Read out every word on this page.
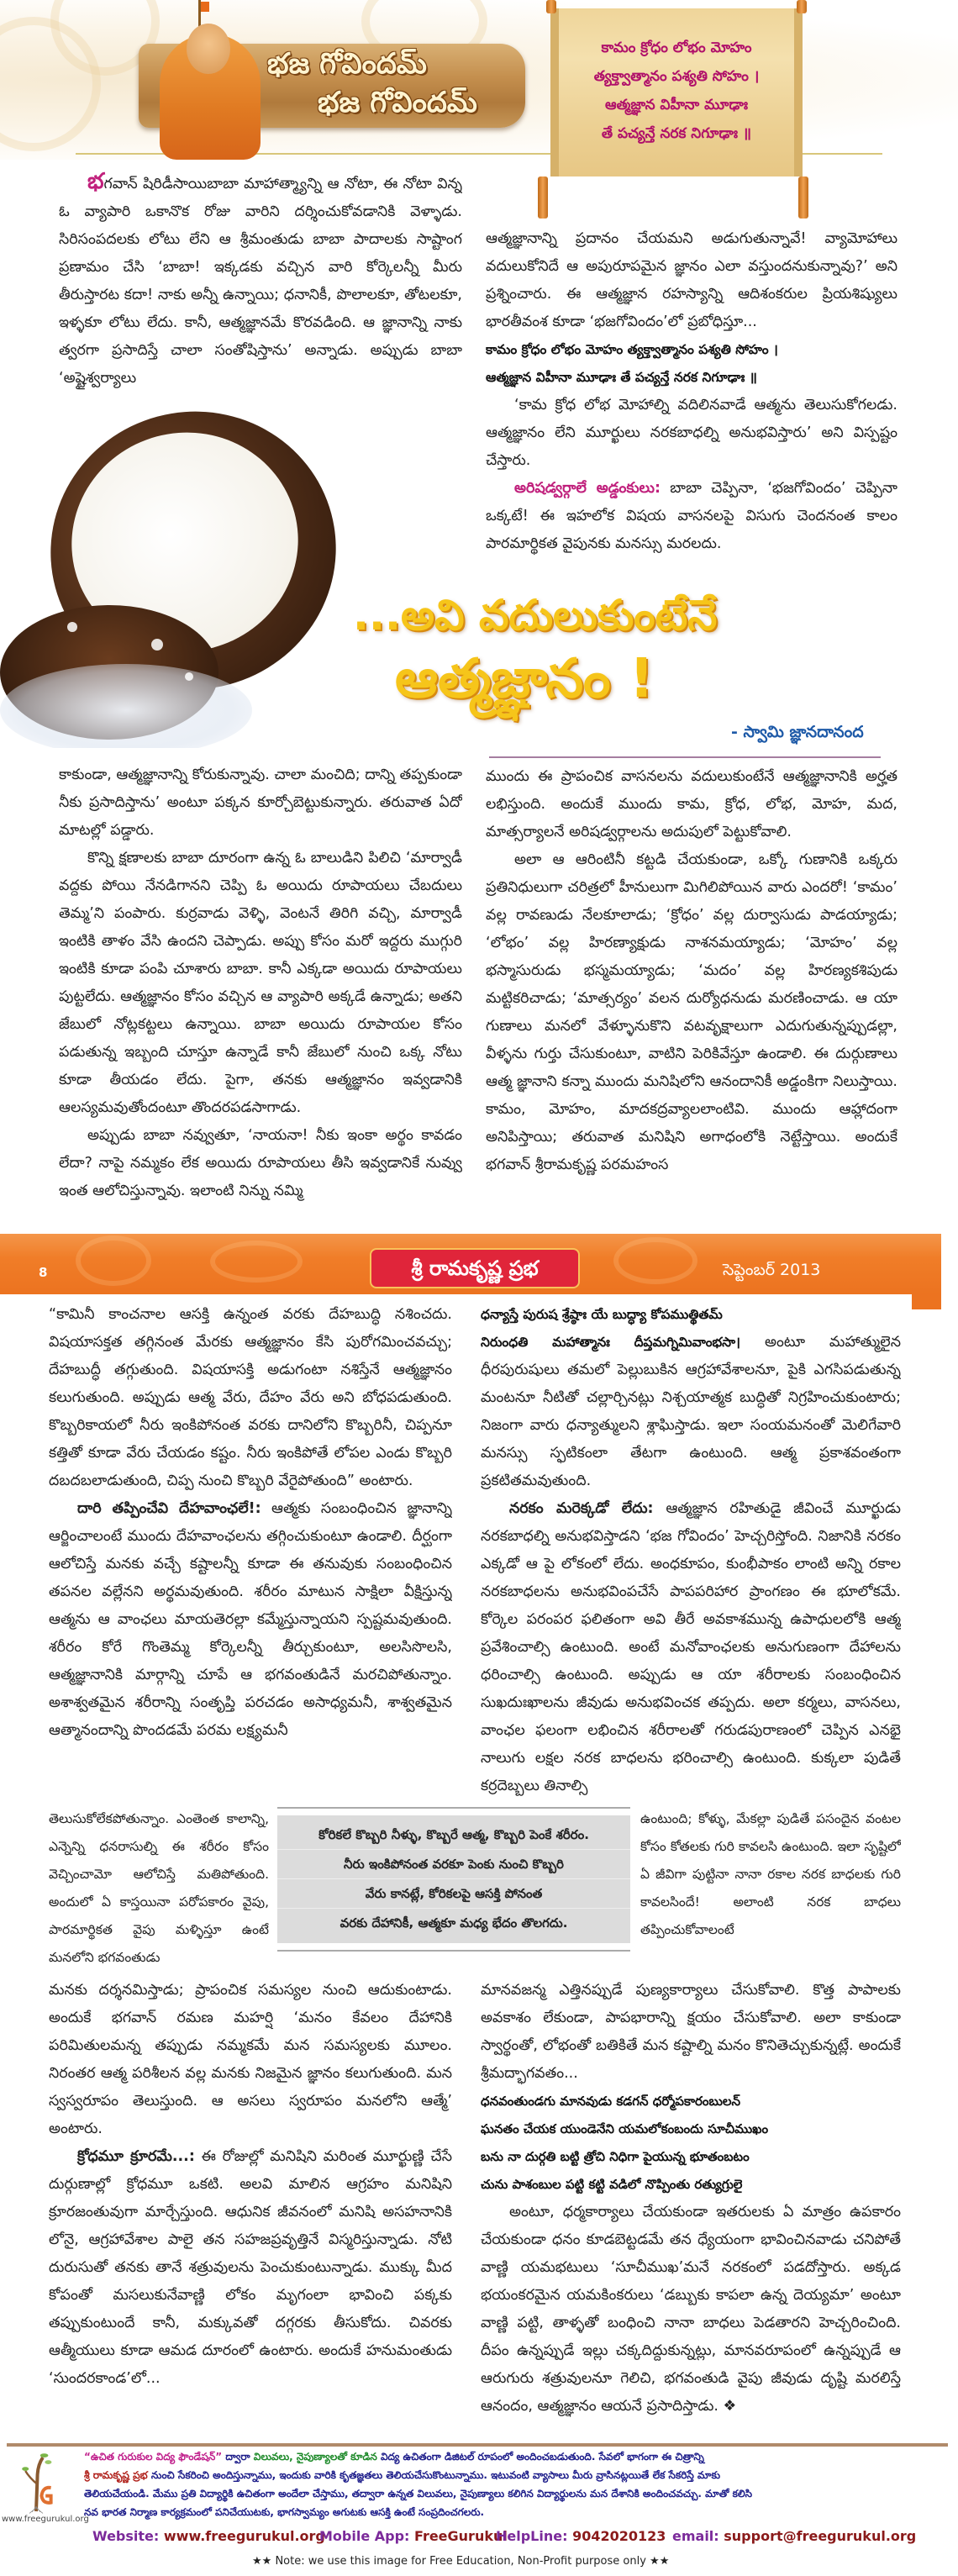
భజ గోవిందమ్
భజ గోవిందమ్
కామం క్రోధం లోభం మోహం
త్యక్త్వాత్మానం పశ్యతి సోహం ।
ఆత్మజ్ఞాన విహీనా మూఢాః
తే పచ్యన్తే నరక నిగూఢాః ॥

భగవాన్ షిరిడీసాయిబాబా మాహాత్మ్యాన్ని ఆ నోటా, ఈ నోటా విన్న ఓ వ్యాపారి ఒకానొక రోజు వారిని దర్శించుకోవడానికి వెళ్ళాడు. సిరిసంపదలకు లోటు లేని ఆ శ్రీమంతుడు బాబా పాదాలకు సాష్టాంగ ప్రణామం చేసి ‘బాబా! ఇక్కడకు వచ్చిన వారి కోర్కెలన్నీ మీరు తీరుస్తారట కదా! నాకు అన్నీ ఉన్నాయి; ధనానికీ, పొలాలకూ, తోటలకూ, ఇళ్ళకూ లోటు లేదు. కానీ, ఆత్మజ్ఞానమే కొరవడింది. ఆ జ్ఞానాన్ని నాకు త్వరగా ప్రసాదిస్తే చాలా సంతోషిస్తాను’ అన్నాడు. అప్పుడు బాబా ‘అష్టైశ్వర్యాలు

ఆత్మజ్ఞానాన్ని ప్రదానం చేయమని అడుగుతున్నావే! వ్యామోహాలు వదులుకోనిదే ఆ అపురూపమైన జ్ఞానం ఎలా వస్తుందనుకున్నావు?’ అని ప్రశ్నించారు. ఈ ఆత్మజ్ఞాన రహస్యాన్ని ఆదిశంకరుల ప్రియశిష్యులు భారతీవంశ కూడా ‘భజగోవిందం’లో ప్రబోధిస్తూ...

కామం క్రోధం లోభం మోహం త్యక్త్వాత్మానం పశ్యతి సోహం ।
ఆత్మజ్ఞాన విహీనా మూఢాః తే పచ్యన్తే నరక నిగూఢాః ॥

‘కామ క్రోధ లోభ మోహాల్ని వదిలినవాడే ఆత్మను తెలుసుకోగలడు. ఆత్మజ్ఞానం లేని మూర్ఖులు నరకబాధల్ని అనుభవిస్తారు’ అని విస్పష్టం చేస్తారు.

అరిషడ్వర్గాలే అడ్డంకులు: బాబా చెప్పినా, ‘భజగోవిందం’ చెప్పినా ఒక్కటే! ఈ ఇహలోక విషయ వాసనలపై విసుగు చెందనంత కాలం పారమార్థికత వైపునకు మనస్సు మరలదు.

...అవి వదులుకుంటేనే
ఆత్మజ్ఞానం !
- స్వామి జ్ఞానదానంద

కాకుండా, ఆత్మజ్ఞానాన్ని కోరుకున్నావు. చాలా మంచిది; దాన్ని తప్పకుండా నీకు ప్రసాదిస్తాను’ అంటూ పక్కన కూర్చోబెట్టుకున్నారు. తరువాత ఏదో మాటల్లో పడ్డారు.

కొన్ని క్షణాలకు బాబా దూరంగా ఉన్న ఓ బాలుడిని పిలిచి ‘మార్వాడీ వద్దకు పోయి నేనడిగానని చెప్పి ఓ అయిదు రూపాయలు చేబదులు తెమ్మ’ని పంపారు. కుర్రవాడు వెళ్ళి, వెంటనే తిరిగి వచ్చి, మార్వాడీ ఇంటికి తాళం వేసి ఉందని చెప్పాడు. అప్పు కోసం మరో ఇద్దరు ముగ్గురి ఇంటికి కూడా పంపి చూశారు బాబా. కానీ ఎక్కడా అయిదు రూపాయలు పుట్టలేదు. ఆత్మజ్ఞానం కోసం వచ్చిన ఆ వ్యాపారి అక్కడే ఉన్నాడు; అతని జేబులో నోట్లకట్టలు ఉన్నాయి. బాబా అయిదు రూపాయల కోసం పడుతున్న ఇబ్బంది చూస్తూ ఉన్నాడే కానీ జేబులో నుంచి ఒక్క నోటు కూడా తీయడం లేదు. పైగా, తనకు ఆత్మజ్ఞానం ఇవ్వడానికి ఆలస్యమవుతోందంటూ తొందరపడసాగాడు.

అప్పుడు బాబా నవ్వుతూ, ‘నాయనా! నీకు ఇంకా అర్థం కావడం లేదా? నాపై నమ్మకం లేక అయిదు రూపాయలు తీసి ఇవ్వడానికే నువ్వు ఇంత ఆలోచిస్తున్నావు. ఇలాంటి నిన్ను నమ్మి

ముందు ఈ ప్రాపంచిక వాసనలను వదులుకుంటేనే ఆత్మజ్ఞానానికి అర్హత లభిస్తుంది. అందుకే ముందు కామ, క్రోధ, లోభ, మోహ, మద, మాత్సర్యాలనే అరిషడ్వర్గాలను అదుపులో పెట్టుకోవాలి.

అలా ఆ ఆరింటినీ కట్టడి చేయకుండా, ఒక్కో గుణానికి ఒక్కరు ప్రతినిధులుగా చరిత్రలో హీనులుగా మిగిలిపోయిన వారు ఎందరో! ‘కామం’ వల్ల రావణుడు నేలకూలాడు; ‘క్రోధం’ వల్ల దుర్వాసుడు పాడయ్యాడు; ‘లోభం’ వల్ల హిరణ్యాక్షుడు నాశనమయ్యాడు; ‘మోహం’ వల్ల భస్మాసురుడు భస్మమయ్యాడు; ‘మదం’ వల్ల హిరణ్యకశిపుడు మట్టికరిచాడు; ‘మాత్సర్యం’ వలన దుర్యోధనుడు మరణించాడు. ఆ యా గుణాలు మనలో వేళ్ళూనుకొని వటవృక్షాలుగా ఎదుగుతున్నప్పుడల్లా, వీళ్ళను గుర్తు చేసుకుంటూ, వాటిని పెరికివేస్తూ ఉండాలి. ఈ దుర్గుణాలు ఆత్మ జ్ఞానాని కన్నా ముందు మనిషిలోని ఆనందానికీ అడ్డంకిగా నిలుస్తాయి. కామం, మోహం, మాదకద్రవ్యాలలాంటివి. ముందు ఆహ్లాదంగా అనిపిస్తాయి; తరువాత మనిషిని అగాధంలోకి నెట్టేస్తాయి. అందుకే భగవాన్ శ్రీరామకృష్ణ పరమహంస

8	శ్రీ రామకృష్ణ ప్రభ	సెప్టెంబర్ 2013

“కామినీ కాంచనాల ఆసక్తి ఉన్నంత వరకు దేహబుద్ధి నశించదు. విషయాసక్తత తగ్గినంత మేరకు ఆత్మజ్ఞానం కేసి పురోగమించవచ్చు; దేహబుద్ధీ తగ్గుతుంది. విషయాసక్తి అడుగంటా నశిస్తేనే ఆత్మజ్ఞానం కలుగుతుంది. అప్పుడు ఆత్మ వేరు, దేహం వేరు అని బోధపడుతుంది. కొబ్బరికాయలో నీరు ఇంకిపోనంత వరకు దానిలోని కొబ్బరినీ, చిప్పనూ కత్తితో కూడా వేరు చేయడం కష్టం. నీరు ఇంకిపోతే లోపల ఎండు కొబ్బరి దబదబలాడుతుంది, చిప్ప నుంచి కొబ్బరి వేరైపోతుంది” అంటారు.

దారి తప్పించేవి దేహవాంఛలే!: ఆత్మకు సంబంధించిన జ్ఞానాన్ని ఆర్జించాలంటే ముందు దేహవాంఛలను తగ్గించుకుంటూ ఉండాలి. దీర్ఘంగా ఆలోచిస్తే మనకు వచ్చే కష్టాలన్నీ కూడా ఈ తనువుకు సంబంధించిన తపనల వల్లేనని అర్థమవుతుంది. శరీరం మాటున సాక్షిలా వీక్షిస్తున్న ఆత్మను ఆ వాంఛలు మాయతెరల్లా కమ్మేస్తున్నాయని స్పష్టమవుతుంది. శరీరం కోరే గొంతెమ్మ కోర్కెలన్నీ తీర్చుకుంటూ, అలసిసొలసి, ఆత్మజ్ఞానానికి మార్గాన్ని చూపే ఆ భగవంతుడినే మరచిపోతున్నాం. అశాశ్వతమైన శరీరాన్ని సంతృప్తి పరచడం అసాధ్యమనీ, శాశ్వతమైన ఆత్మానందాన్ని పొందడమే పరమ లక్ష్యమనీ

తెలుసుకోలేకపోతున్నాం. ఎంతెంత కాలాన్ని, ఎన్నెన్ని ధనరాసుల్ని ఈ శరీరం కోసం వెచ్చించామో ఆలోచిస్తే మతిపోతుంది. అందులో ఏ కాస్తయినా పరోపకారం వైపు, పారమార్థికత వైపు మళ్ళిస్తూ ఉంటే మనలోని భగవంతుడు

మనకు దర్శనమిస్తాడు; ప్రాపంచిక సమస్యల నుంచి ఆదుకుంటాడు. అందుకే భగవాన్ రమణ మహర్షి ‘మనం కేవలం దేహానికి పరిమితులమన్న తప్పుడు నమ్మకమే మన సమస్యలకు మూలం. నిరంతర ఆత్మ పరిశీలన వల్ల మనకు నిజమైన జ్ఞానం కలుగుతుంది. మన స్వస్వరూపం తెలుస్తుంది. ఆ అసలు స్వరూపం మనలోని ఆత్మే’ అంటారు.

క్రోధమూ క్రూరమే...: ఈ రోజుల్లో మనిషిని మరింత మూర్ఖుణ్ణి చేసే దుర్గుణాల్లో క్రోధమూ ఒకటి. అలవి మాలిన ఆగ్రహం మనిషిని క్రూరజంతువుగా మార్చేస్తుంది. ఆధునిక జీవనంలో మనిషి అసహనానికి లోనై, ఆగ్రహావేశాల పాలై తన సహజప్రవృత్తినే విస్మరిస్తున్నాడు. నోటి దురుసుతో తనకు తానే శత్రువులను పెంచుకుంటున్నాడు. ముక్కు మీద కోపంతో మసలుకునేవాణ్ణి లోకం మృగంలా భావించి పక్కకు తప్పుకుంటుందే కానీ, మక్కువతో దగ్గరకు తీసుకోదు. చివరకు ఆత్మీయులు కూడా ఆమడ దూరంలో ఉంటారు. అందుకే హనుమంతుడు ‘సుందరకాండ’లో...

కోరికలే కొబ్బరి నీళ్ళు, కొబ్బరే ఆత్మ, కొబ్బరి పెంకే శరీరం.
నీరు ఇంకిపోనంత వరకూ పెంకు నుంచి కొబ్బరి
వేరు కానట్లే, కోరికలపై ఆసక్తి పోనంత
వరకు దేహానికీ, ఆత్మకూ మధ్య భేదం తొలగదు.
ధన్యాస్తే పురుష శ్రేష్ఠాః యే బుద్ధ్యా కోపముత్థితమ్

నిరుంధతి మహాత్మానః దీప్తమగ్నిమివాంభసా। అంటూ మహాత్ములైన ధీరపురుషులు తమలో పెల్లుబుకిన ఆగ్రహావేశాలనూ, పైకి ఎగసిపడుతున్న మంటనూ నీటితో చల్లార్చినట్లు నిశ్చయాత్మక బుద్ధితో నిగ్రహించుకుంటారు; నిజంగా వారు ధన్యాత్ములని శ్లాఘిస్తాడు. ఇలా సంయమనంతో మెలిగేవారి మనస్సు స్ఫటికంలా తేటగా ఉంటుంది. ఆత్మ ప్రకాశవంతంగా ప్రకటితమవుతుంది.

నరకం మరెక్కడో లేదు: ఆత్మజ్ఞాన రహితుడై జీవించే మూర్ఖుడు నరకబాధల్ని అనుభవిస్తాడని ‘భజ గోవిందం’ హెచ్చరిస్తోంది. నిజానికి నరకం ఎక్కడో ఆ పై లోకంలో లేదు. అంధకూపం, కుంభీపాకం లాంటి అన్ని రకాల నరకబాధలను అనుభవింపచేసే పాపపరిహార ప్రాంగణం ఈ భూలోకమే. కోర్కెల పరంపర ఫలితంగా అవి తీరే అవకాశమున్న ఉపాధులలోకి ఆత్మ ప్రవేశించాల్సి ఉంటుంది. అంటే మనోవాంఛలకు అనుగుణంగా దేహాలను ధరించాల్సి ఉంటుంది. అప్పుడు ఆ యా శరీరాలకు సంబంధించిన సుఖదుఃఖాలను జీవుడు అనుభవించక తప్పదు. అలా కర్మలు, వాసనలు, వాంఛల ఫలంగా లభించిన శరీరాలతో గరుడపురాణంలో చెప్పిన ఎనభై నాలుగు లక్షల నరక బాధలను భరించాల్సి ఉంటుంది. కుక్కలా పుడితే కర్రదెబ్బలు తినాల్సి

ఉంటుంది; కోళ్ళు, మేకల్లా పుడితే పసందైన వంటల కోసం కోతలకు గురి కావలసి ఉంటుంది. ఇలా సృష్టిలో ఏ జీవిగా పుట్టినా నానా రకాల నరక బాధలకు గురి కావలసిందే! అలాంటి నరక బాధలు తప్పించుకోవాలంటే

మానవజన్మ ఎత్తినప్పుడే పుణ్యకార్యాలు చేసుకోవాలి. కొత్త పాపాలకు అవకాశం లేకుండా, పాపభారాన్ని క్షయం చేసుకోవాలి. అలా కాకుండా స్వార్థంతో, లోభంతో బతికితే మన కష్టాల్ని మనం కొనితెచ్చుకున్నట్లే. అందుకే శ్రీమద్భాగవతం...

ధనవంతుండగు మానవుడు కడగన్ ధర్మోపకారంబులన్
ఘనతం చేయక యుండెనేని యమలోకంబందు సూచీముఖం
బను నా దుర్గతి బట్టి త్రోచి నిధిగా పైయున్న భూతంబటం
చును పాశంబుల పట్టి కట్టి వడిలో నొప్పింతు రత్యుగ్రులై

అంటూ, ధర్మకార్యాలు చేయకుండా ఇతరులకు ఏ మాత్రం ఉపకారం చేయకుండా ధనం కూడబెట్టడమే తన ధ్యేయంగా భావించినవాడు చనిపోతే వాణ్ణి యమభటులు ‘సూచీముఖ’మనే నరకంలో పడదోస్తారు. అక్కడ భయంకరమైన యమకింకరులు ‘డబ్బుకు కాపలా ఉన్న దెయ్యమా’ అంటూ వాణ్ణి పట్టి, తాళ్ళతో బంధించి నానా బాధలు పెడతారని హెచ్చరించింది. దీపం ఉన్నప్పుడే ఇల్లు చక్కదిద్దుకున్నట్లు, మానవరూపంలో ఉన్నప్పుడే ఆ ఆరుగురు శత్రువులనూ గెలిచి, భగవంతుడి వైపు జీవుడు దృష్టి మరలిస్తే ఆనందం, ఆత్మజ్ఞానం ఆయనే ప్రసాదిస్తాడు. ❖

www.freegurukul.org
“ఉచిత గురుకుల విద్య ఫౌండేషన్” ద్వారా విలువలు, నైపుణ్యాలతో కూడిన విద్య ఉచితంగా డిజిటల్ రూపంలో అందించబడుతుంది. సేవలో భాగంగా ఈ చిత్రాన్ని
శ్రీ రామకృష్ణ ప్రభ నుంచి సేకరించి అందిస్తున్నాము, ఇందుకు వారికి కృతజ్ఞతలు తెలియచేసుకొంటున్నాము. ఇటువంటి వ్యాసాలు మీరు వ్రాసినట్లయితే లేక సేకరిస్తే మాకు
తెలియచేయండి. మేము ప్రతి విద్యార్థికి ఉచితంగా అందేలా చేస్తాము, తద్వారా ఉన్నత విలువలు, నైపుణ్యాలు కలిగిన విద్యార్థులను మన దేశానికి అందించవచ్చు. మాతో కలిసి
నవ భారత నిర్మాణ కార్యక్రమంలో పనిచేయుటకు, భాగస్వామ్యం అగుటకు ఆసక్తి ఉంటే సంప్రదించగలరు.
Website: www.freegurukul.org
Mobile App: FreeGurukul
HelpLine: 9042020123 email: support@freegurukul.org
★★ Note: we use this image for Free Education, Non-Profit purpose only ★★
